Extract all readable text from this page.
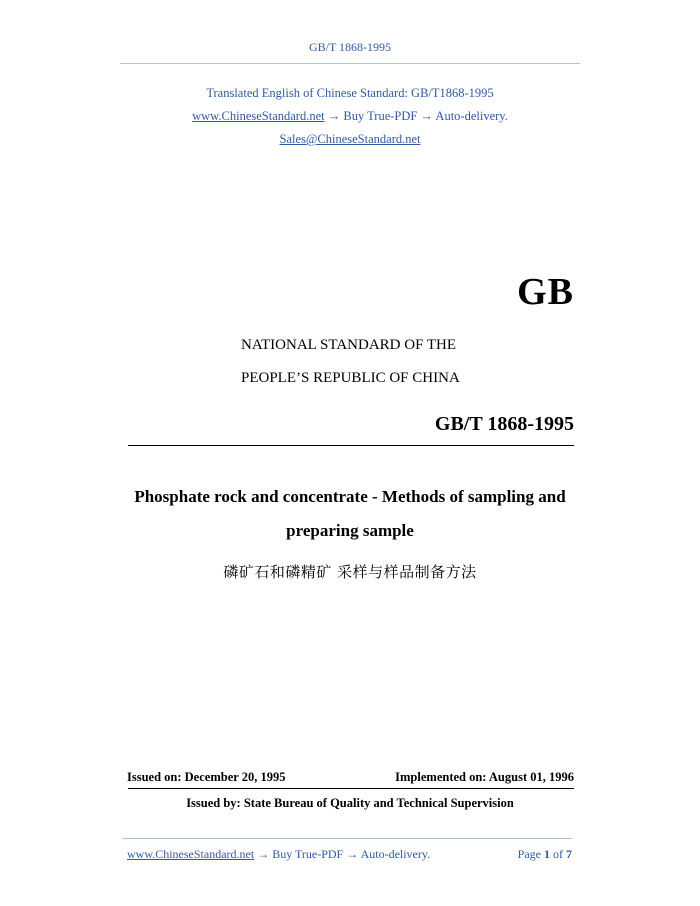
GB/T 1868-1995
Translated English of Chinese Standard: GB/T1868-1995
www.ChineseStandard.net → Buy True-PDF → Auto-delivery.
Sales@ChineseStandard.net
GB
NATIONAL STANDARD OF THE
PEOPLE’S REPUBLIC OF CHINA
GB/T 1868-1995
Phosphate rock and concentrate - Methods of sampling and
preparing sample
磷矿石和磷精矿 采样与样品制备方法
Issued on: December 20, 1995	Implemented on: August 01, 1996
Issued by: State Bureau of Quality and Technical Supervision
www.ChineseStandard.net → Buy True-PDF → Auto-delivery.	Page 1 of 7
